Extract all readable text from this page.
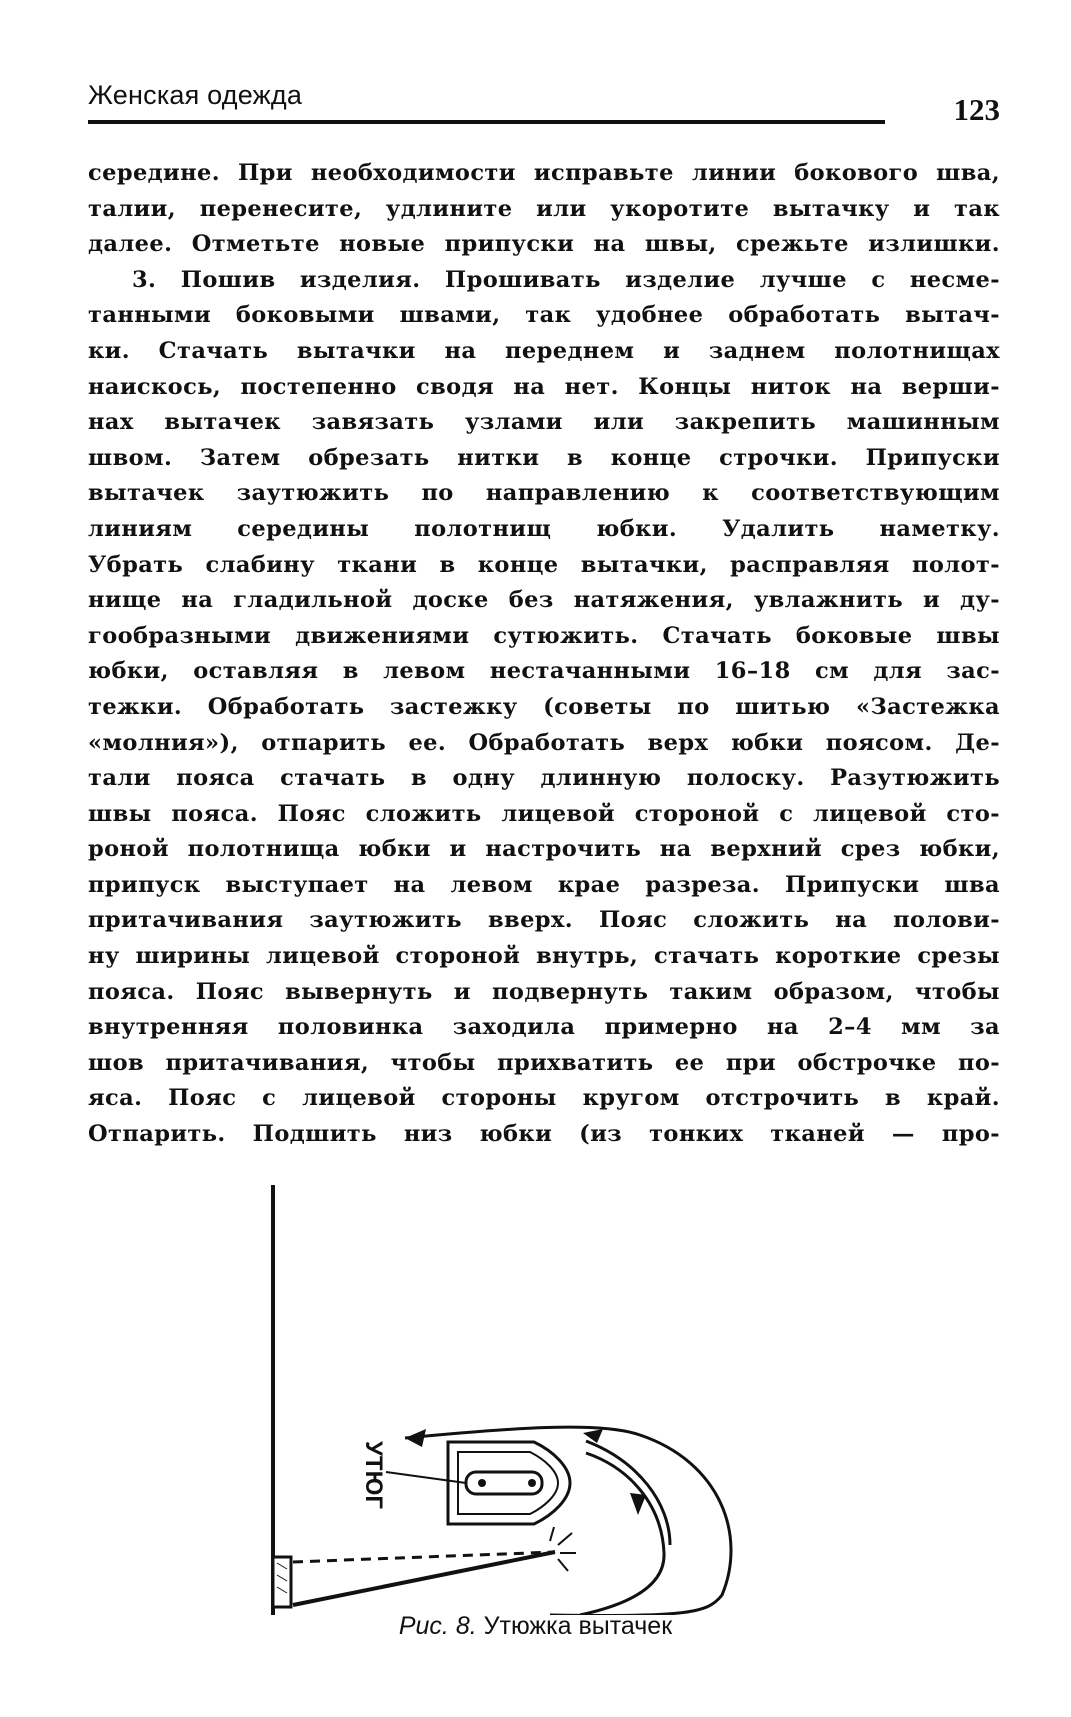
Женская одежда	123
середине. При необходимости исправьте линии бокового шва,
талии, перенесите, удлините или укоротите вытачку и так
далее. Отметьте новые припуски на швы, срежьте излишки.
3. Пошив изделия. Прошивать изделие лучше с несме-
танными боковыми швами, так удобнее обработать вытач-
ки. Стачать вытачки на переднем и заднем полотнищах
наискось, постепенно сводя на нет. Концы ниток на верши-
нах вытачек завязать узлами или закрепить машинным
швом. Затем обрезать нитки в конце строчки. Припуски
вытачек заутюжить по направлению к соответствующим
линиям середины полотнищ юбки. Удалить наметку.
Убрать слабину ткани в конце вытачки, расправляя полот-
нище на гладильной доске без натяжения, увлажнить и ду-
гообразными движениями сутюжить. Стачать боковые швы
юбки, оставляя в левом нестачанными 16–18 см для зас-
тежки. Обработать застежку (советы по шитью «Застежка
«молния»), отпарить ее. Обработать верх юбки поясом. Де-
тали пояса стачать в одну длинную полоску. Разутюжить
швы пояса. Пояс сложить лицевой стороной с лицевой сто-
роной полотнища юбки и настрочить на верхний срез юбки,
припуск выступает на левом крае разреза. Припуски шва
притачивания заутюжить вверх. Пояс сложить на полови-
ну ширины лицевой стороной внутрь, стачать короткие срезы
пояса. Пояс вывернуть и подвернуть таким образом, чтобы
внутренняя половинка заходила примерно на 2–4 мм за
шов притачивания, чтобы прихватить ее при обстрочке по-
яса. Пояс с лицевой стороны кругом отстрочить в край.
Отпарить. Подшить низ юбки (из тонких тканей — про-
УТЮГ
Рис. 8. Утюжка вытачек
